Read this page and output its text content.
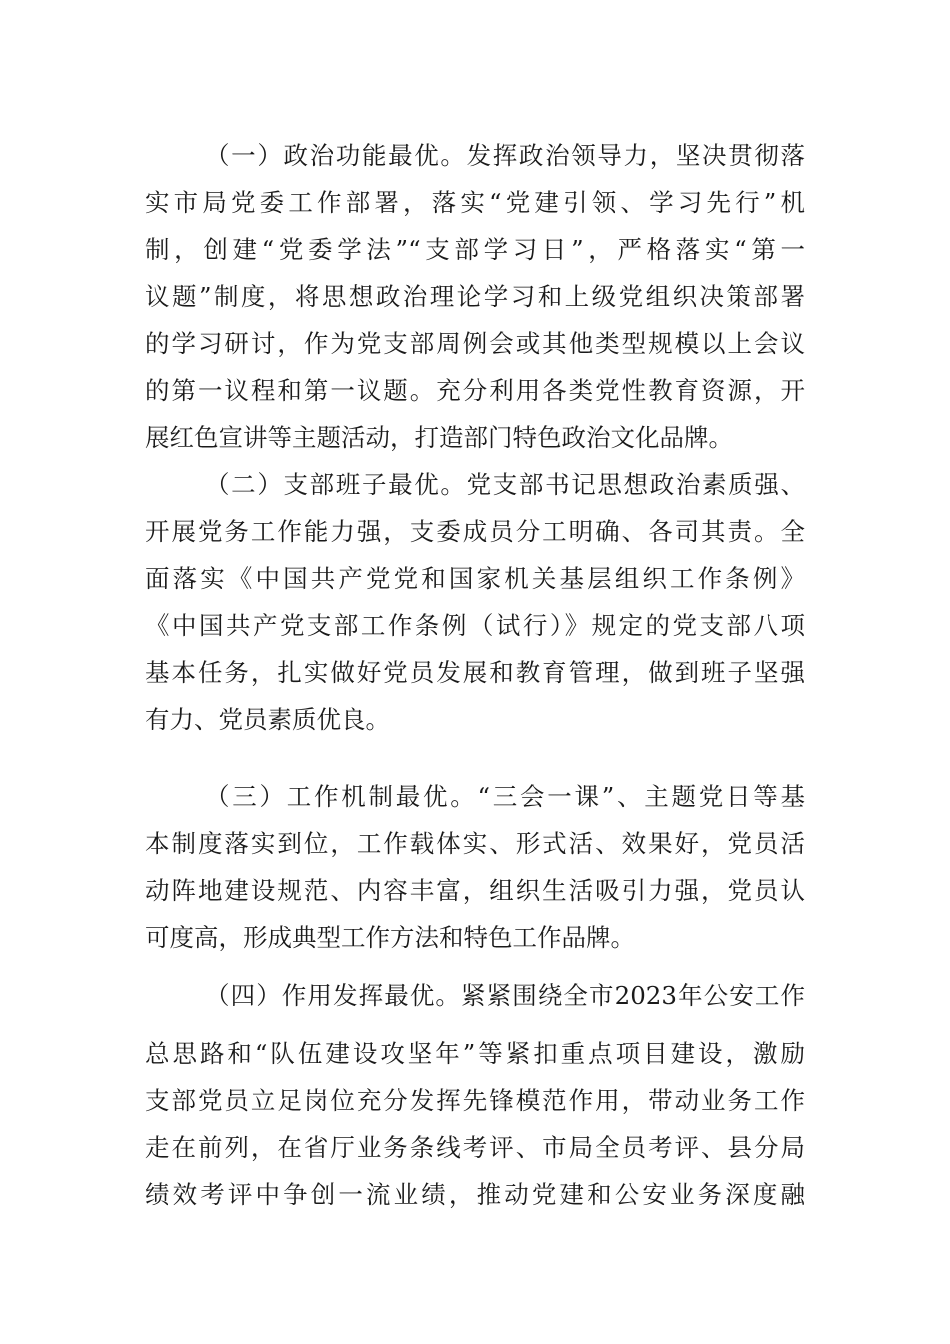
（一）政治功能最优。发挥政治领导力，坚决贯彻落
实市局党委工作部署，落实“党建引领、学习先行”机
制，创建“党委学法”“支部学习日”，严格落实“第一
议题”制度，将思想政治理论学习和上级党组织决策部署
的学习研讨，作为党支部周例会或其他类型规模以上会议
的第一议程和第一议题。充分利用各类党性教育资源，开
展红色宣讲等主题活动，打造部门特色政治文化品牌。
（二）支部班子最优。党支部书记思想政治素质强、
开展党务工作能力强，支委成员分工明确、各司其责。全
面落实《中国共产党党和国家机关基层组织工作条例》
《中国共产党支部工作条例（试行）》规定的党支部八项
基本任务，扎实做好党员发展和教育管理，做到班子坚强
有力、党员素质优良。
（三）工作机制最优。“三会一课”、主题党日等基
本制度落实到位，工作载体实、形式活、效果好，党员活
动阵地建设规范、内容丰富，组织生活吸引力强，党员认
可度高，形成典型工作方法和特色工作品牌。
（四）作用发挥最优。紧紧围绕全市2023年公安工作
总思路和“队伍建设攻坚年”等紧扣重点项目建设，激励
支部党员立足岗位充分发挥先锋模范作用，带动业务工作
走在前列，在省厅业务条线考评、市局全员考评、县分局
绩效考评中争创一流业绩，推动党建和公安业务深度融
